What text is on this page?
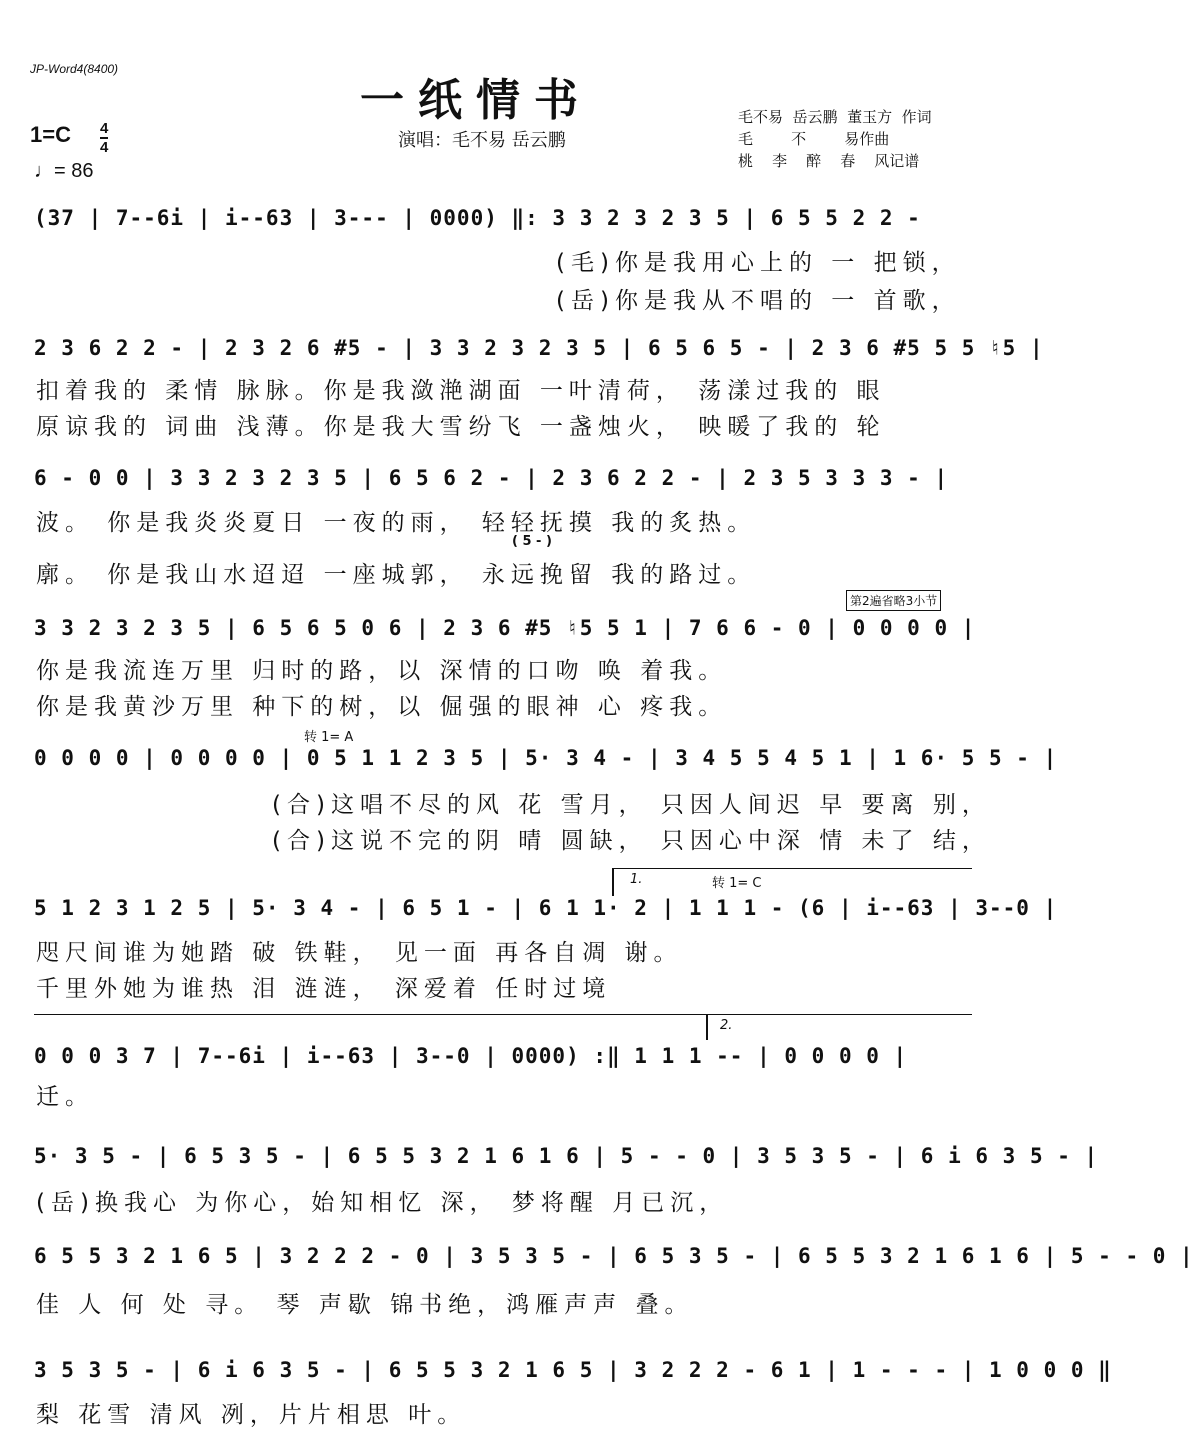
JP-Word4(8400)
一纸情书
演唱：毛不易 岳云鹏
$1=C \frac{4}{4}$
♩= 86
毛不易  岳云鹏  董玉方  作词
毛        不        易作曲
桃    李    醉    春    风记谱
(37 | 7--6i | i--63 | 3--- | 0000) ‖: 3 3 2 3 2 3 5 | 6 5 5 2 2 -
(毛)你是我用心上的 一 把锁，
(岳)你是我从不唱的 一 首歌，
2 3 6 2 2 - | 2 3 2 6 #5 - | 3 3 2 3 2 3 5 | 6 5 6 5 - | 2 3 6 #5 5 5 ♮5 |
扣着我的 柔情 脉脉。你是我潋滟湖面 一叶清荷， 荡漾过我的 眼
原谅我的 词曲 浅薄。你是我大雪纷飞 一盏烛火， 映暖了我的 轮
6 - 0 0 | 3 3 2 3 2 3 5 | 6 5 6 2 - | 2 3 6 2 2 - | 2 3 5 3 3 3 - |
波。 你是我炎炎夏日 一夜的雨， 轻轻抚摸 我的炙热。
( 5 - )
廓。 你是我山水迢迢 一座城郭， 永远挽留 我的路过。
第2遍省略3小节
3 3 2 3 2 3 5 | 6 5 6 5 0 6 | 2 3 6 #5 ♮5 5 1 | 7 6 6 - 0 | 0 0 0 0 |
你是我流连万里 归时的路，以 深情的口吻 唤 着我。
你是我黄沙万里 种下的树，以 倔强的眼神 心 疼我。
转 1= A
0 0 0 0 | 0 0 0 0 | 0 5 1 1 2 3 5 | 5· 3 4 - | 3 4 5 5 4 5 1 | 1 6· 5 5 - |
(合)这唱不尽的风 花 雪月， 只因人间迟 早 要离 别，
(合)这说不完的阴 晴 圆缺， 只因心中深 情 未了 结，
1.	转 1= C
5 1 2 3 1 2 5 | 5· 3 4 - | 6 5 1 - | 6 1 1· 2 | 1 1 1 - (6 | i--63 | 3--0 |
咫尺间谁为她踏 破 铁鞋， 见一面 再各自凋 谢。
千里外她为谁热 泪 涟涟， 深爱着 任时过境
2.
0 0 0 3 7 | 7--6i | i--63 | 3--0 | 0000) :‖ 1 1 1 -- | 0 0 0 0 |
迁。
5· 3 5 - | 6 5 3 5 - | 6 5 5 3 2 1 6 1 6 | 5 - - 0 | 3 5 3 5 - | 6 i 6 3 5 - |
(岳)换我心 为你心，始知相忆 深， 梦将醒 月已沉，
6 5 5 3 2 1 6 5 | 3 2 2 2 - 0 | 3 5 3 5 - | 6 5 3 5 - | 6 5 5 3 2 1 6 1 6 | 5 - - 0 |
佳 人 何 处 寻。 琴 声歇 锦书绝，鸿雁声声 叠。
3 5 3 5 - | 6 i 6 3 5 - | 6 5 5 3 2 1 6 5 | 3 2 2 2 - 6 1 | 1 - - - | 1 0 0 0 ‖
梨 花雪 清风 冽，片片相思 叶。
